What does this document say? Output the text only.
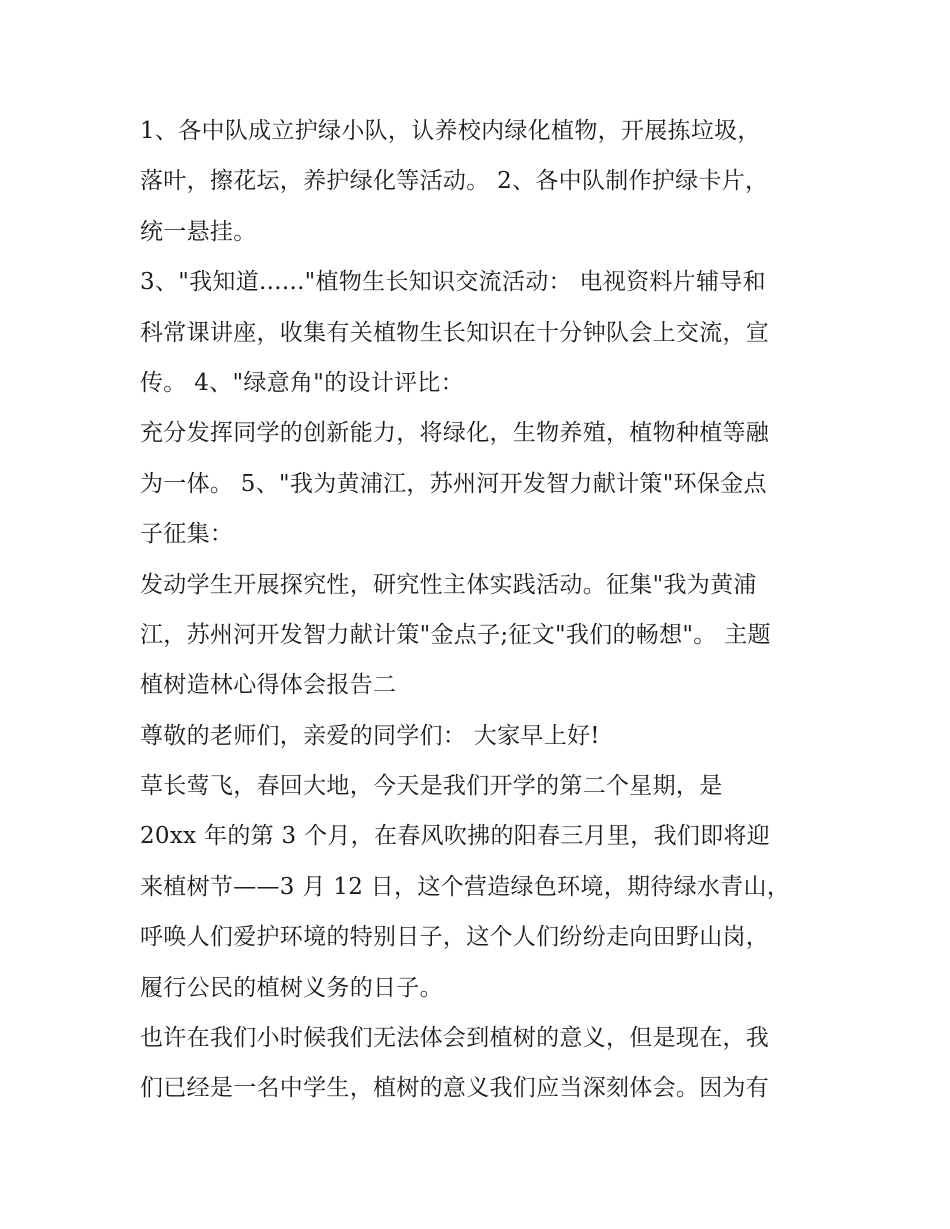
1、各中队成立护绿小队，认养校内绿化植物，开展拣垃圾，
落叶，擦花坛，养护绿化等活动。 2、各中队制作护绿卡片，
统一悬挂。
3、"我知道......"植物生长知识交流活动： 电视资料片辅导和
科常课讲座，收集有关植物生长知识在十分钟队会上交流，宣
传。 4、"绿意角"的设计评比：
充分发挥同学的创新能力，将绿化，生物养殖，植物种植等融
为一体。 5、"我为黄浦江，苏州河开发智力献计策"环保金点
子征集：
发动学生开展探究性，研究性主体实践活动。征集"我为黄浦
江，苏州河开发智力献计策"金点子;征文"我们的畅想"。 主题
植树造林心得体会报告二
尊敬的老师们，亲爱的同学们： 大家早上好!
草长莺飞，春回大地，今天是我们开学的第二个星期，是
20xx 年的第 3 个月，在春风吹拂的阳春三月里，我们即将迎
来植树节——3 月 12 日，这个营造绿色环境，期待绿水青山，
呼唤人们爱护环境的特别日子，这个人们纷纷走向田野山岗，
履行公民的植树义务的日子。
也许在我们小时候我们无法体会到植树的意义，但是现在，我
们已经是一名中学生，植树的意义我们应当深刻体会。因为有
